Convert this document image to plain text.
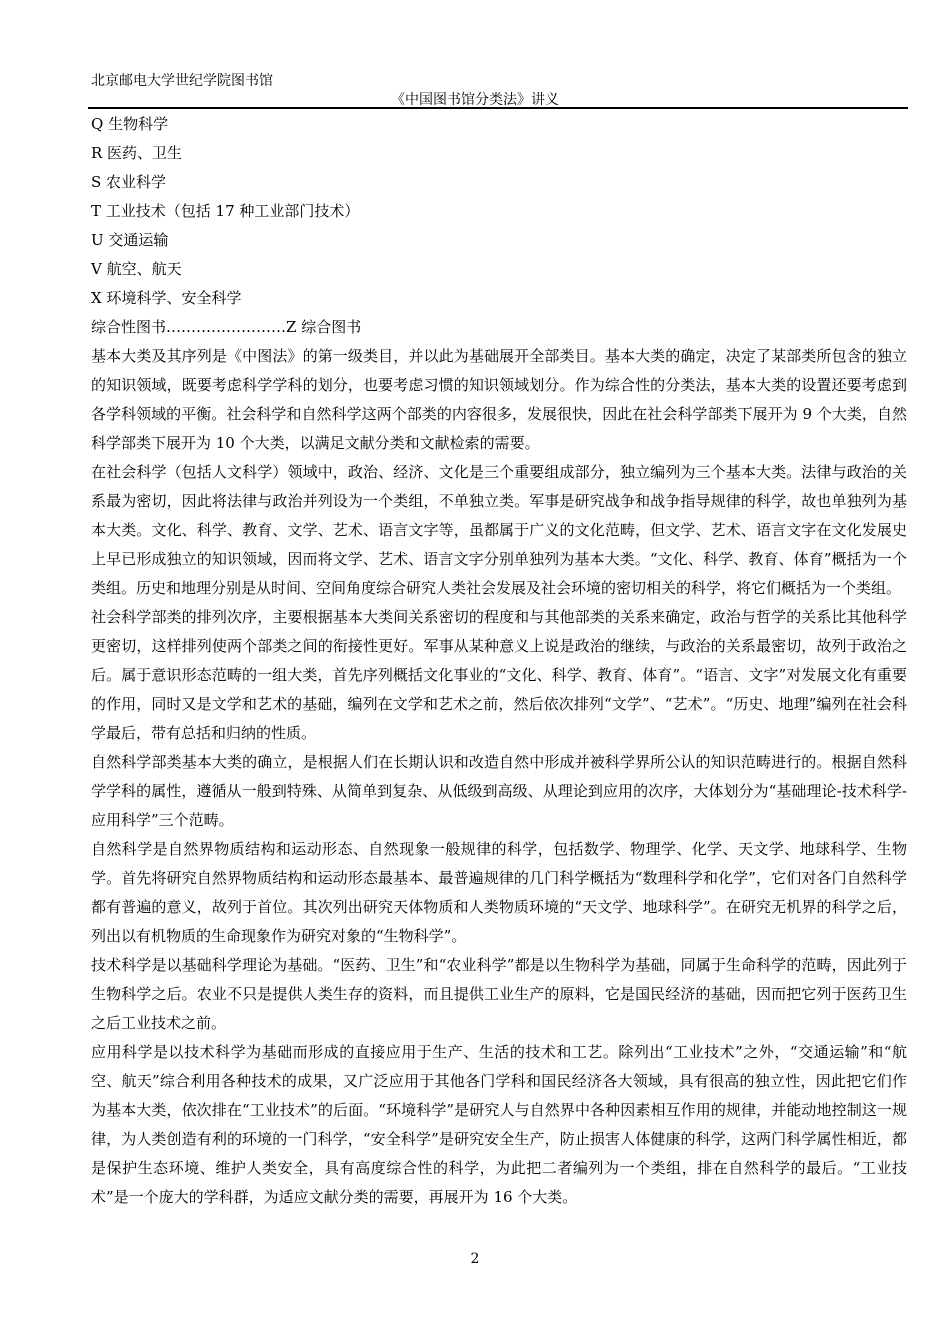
北京邮电大学世纪学院图书馆
《中国图书馆分类法》讲义
Q 生物科学
R 医药、卫生
S 农业科学
T 工业技术（包括 17 种工业部门技术）
U 交通运输
V 航空、航天
X 环境科学、安全科学
综合性图书……………………Z 综合图书
基本大类及其序列是《中图法》的第一级类目，并以此为基础展开全部类目。基本大类的确定，决定了某部类所包含的独立的知识领域，既要考虑科学学科的划分，也要考虑习惯的知识领域划分。作为综合性的分类法，基本大类的设置还要考虑到各学科领域的平衡。社会科学和自然科学这两个部类的内容很多，发展很快，因此在社会科学部类下展开为 9 个大类，自然科学部类下展开为 10 个大类，以满足文献分类和文献检索的需要。
在社会科学（包括人文科学）领域中，政治、经济、文化是三个重要组成部分，独立编列为三个基本大类。法律与政治的关系最为密切，因此将法律与政治并列设为一个类组，不单独立类。军事是研究战争和战争指导规律的科学，故也单独列为基本大类。文化、科学、教育、文学、艺术、语言文字等，虽都属于广义的文化范畴，但文学、艺术、语言文字在文化发展史上早已形成独立的知识领域，因而将文学、艺术、语言文字分别单独列为基本大类。“文化、科学、教育、体育”概括为一个类组。历史和地理分别是从时间、空间角度综合研究人类社会发展及社会环境的密切相关的科学，将它们概括为一个类组。
社会科学部类的排列次序，主要根据基本大类间关系密切的程度和与其他部类的关系来确定，政治与哲学的关系比其他科学更密切，这样排列使两个部类之间的衔接性更好。军事从某种意义上说是政治的继续，与政治的关系最密切，故列于政治之后。属于意识形态范畴的一组大类，首先序列概括文化事业的“文化、科学、教育、体育”。“语言、文字”对发展文化有重要的作用，同时又是文学和艺术的基础，编列在文学和艺术之前，然后依次排列“文学”、“艺术”。“历史、地理”编列在社会科学最后，带有总括和归纳的性质。
自然科学部类基本大类的确立，是根据人们在长期认识和改造自然中形成并被科学界所公认的知识范畴进行的。根据自然科学学科的属性，遵循从一般到特殊、从简单到复杂、从低级到高级、从理论到应用的次序，大体划分为“基础理论-技术科学-应用科学”三个范畴。
自然科学是自然界物质结构和运动形态、自然现象一般规律的科学，包括数学、物理学、化学、天文学、地球科学、生物学。首先将研究自然界物质结构和运动形态最基本、最普遍规律的几门科学概括为“数理科学和化学”，它们对各门自然科学都有普遍的意义，故列于首位。其次列出研究天体物质和人类物质环境的“天文学、地球科学”。在研究无机界的科学之后，列出以有机物质的生命现象作为研究对象的“生物科学”。
技术科学是以基础科学理论为基础。“医药、卫生”和“农业科学”都是以生物科学为基础，同属于生命科学的范畴，因此列于生物科学之后。农业不只是提供人类生存的资料，而且提供工业生产的原料，它是国民经济的基础，因而把它列于医药卫生之后工业技术之前。
应用科学是以技术科学为基础而形成的直接应用于生产、生活的技术和工艺。除列出“工业技术”之外，“交通运输”和“航空、航天”综合利用各种技术的成果，又广泛应用于其他各门学科和国民经济各大领域，具有很高的独立性，因此把它们作为基本大类，依次排在“工业技术”的后面。“环境科学”是研究人与自然界中各种因素相互作用的规律，并能动地控制这一规律，为人类创造有利的环境的一门科学，“安全科学”是研究安全生产，防止损害人体健康的科学，这两门科学属性相近，都是保护生态环境、维护人类安全，具有高度综合性的科学，为此把二者编列为一个类组，排在自然科学的最后。“工业技术”是一个庞大的学科群，为适应文献分类的需要，再展开为 16 个大类。
2
